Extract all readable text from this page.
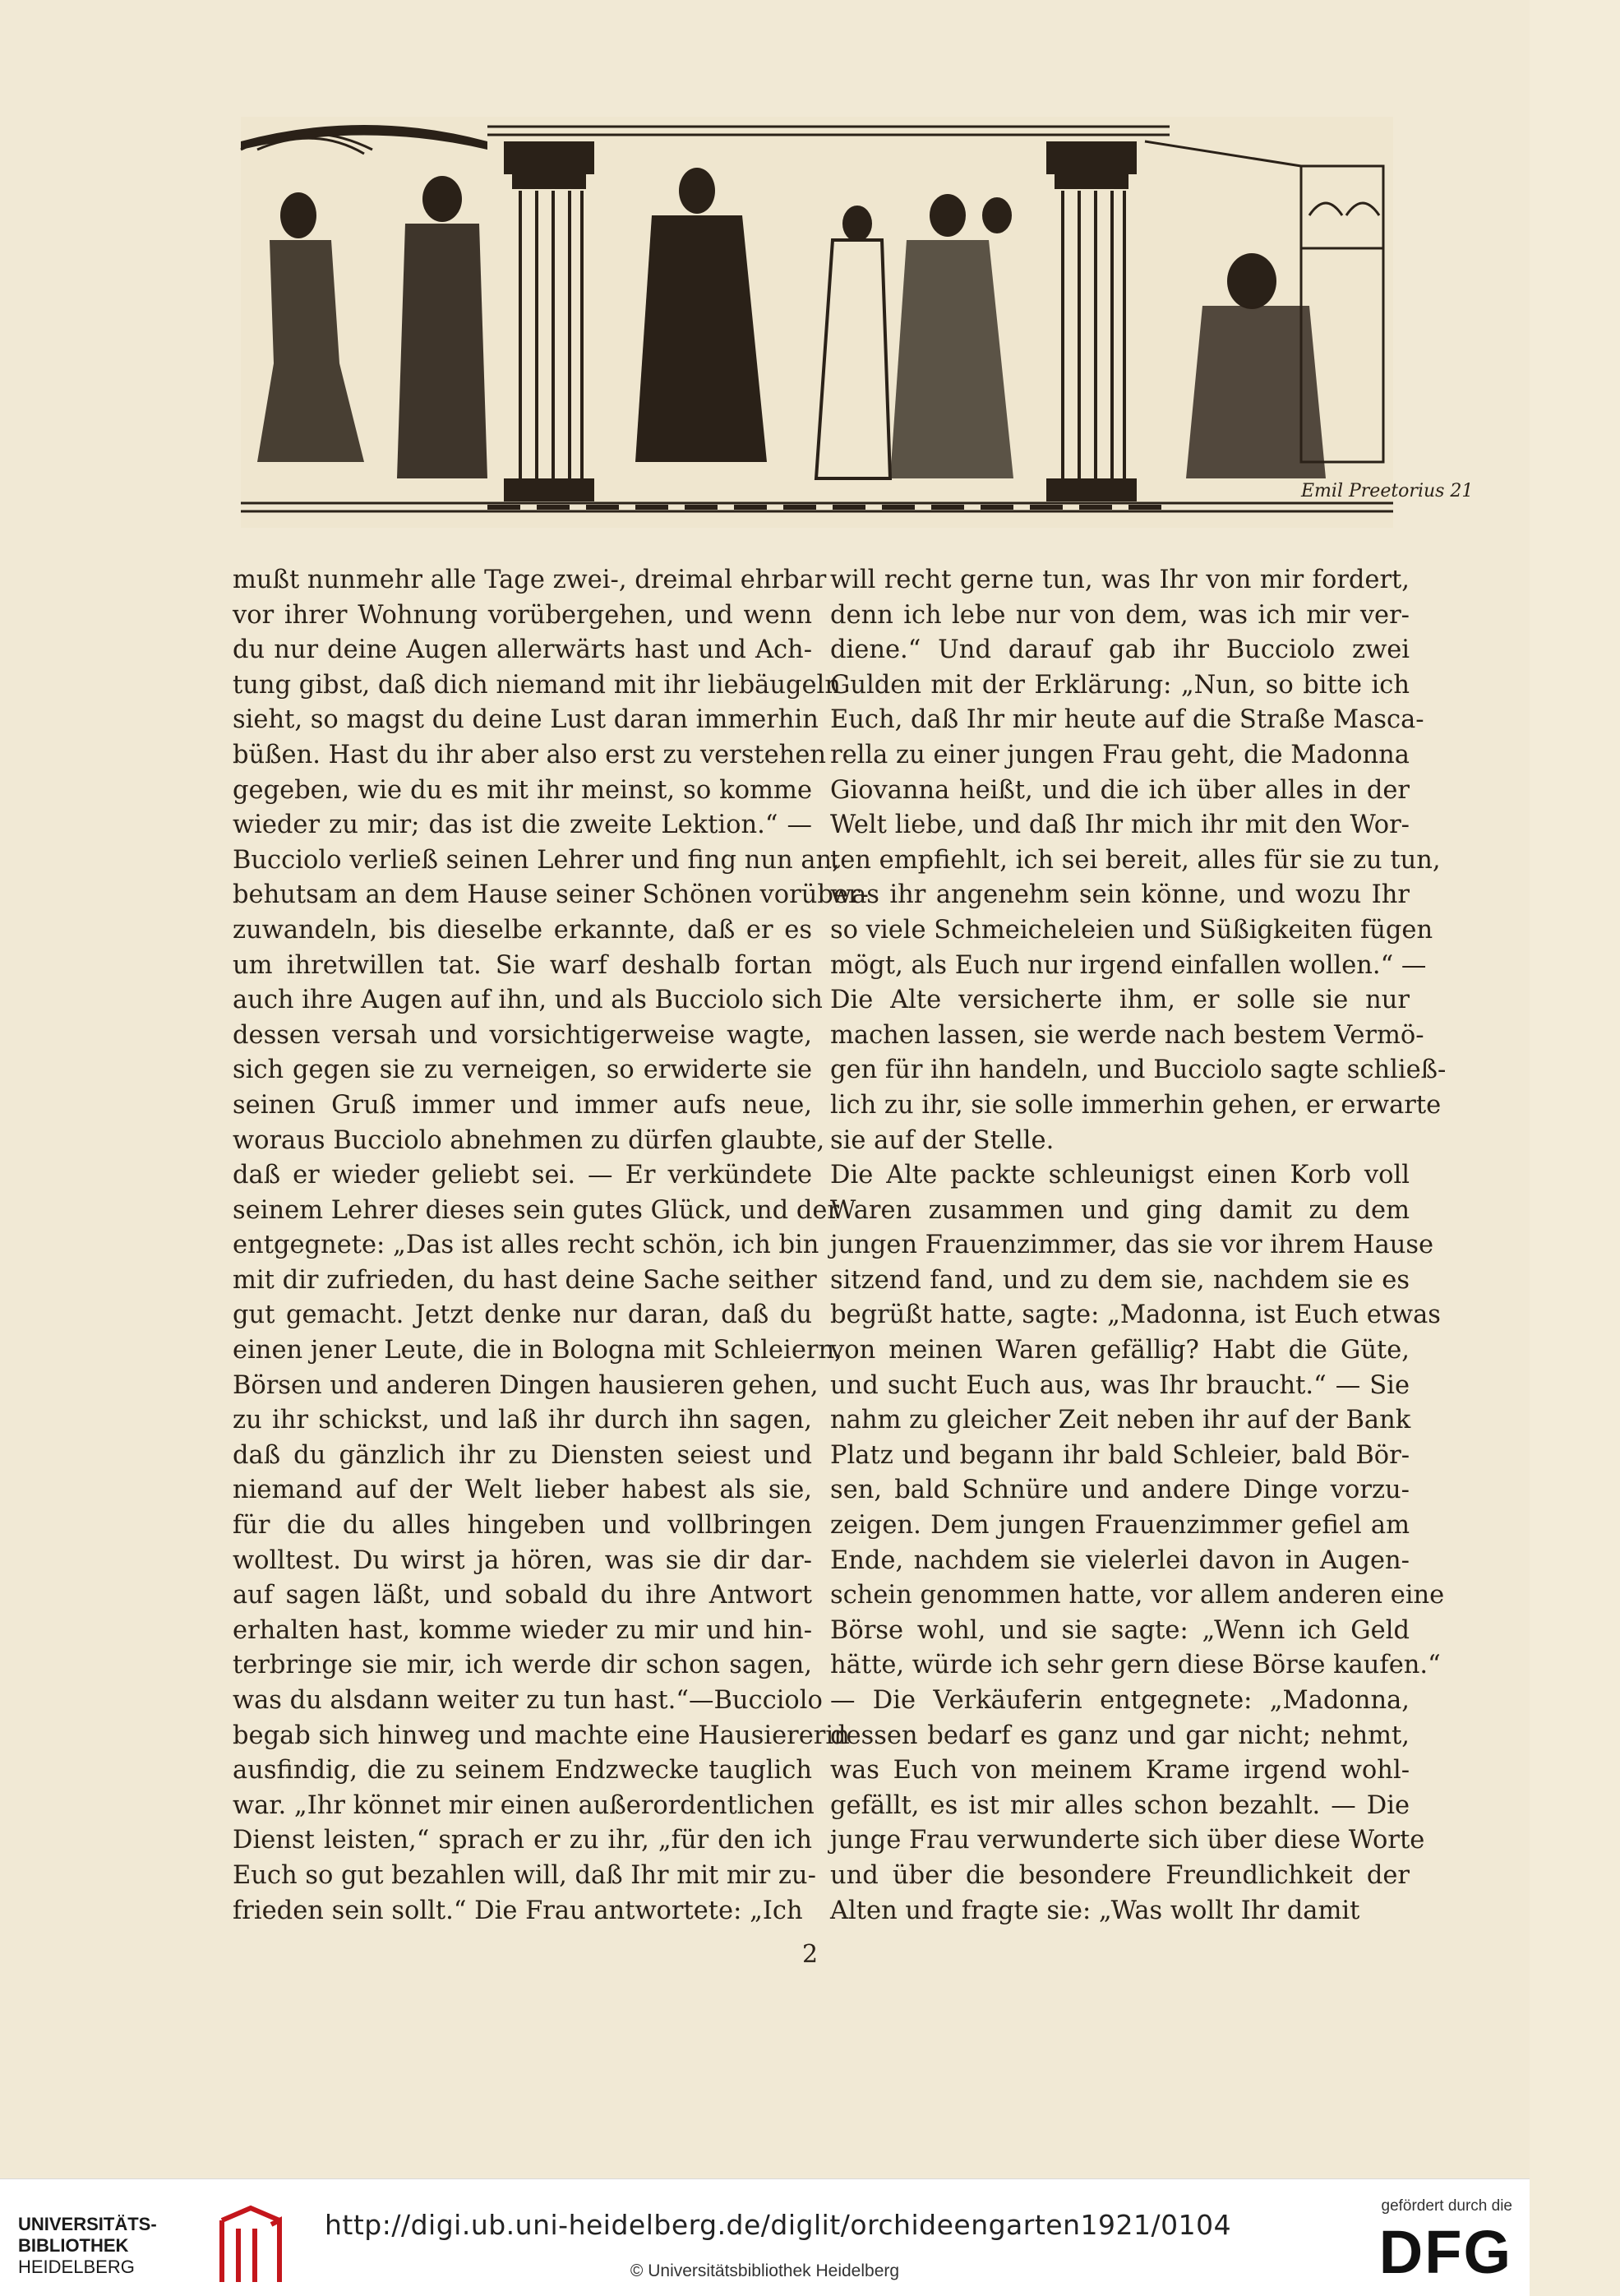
Emil Preetorius 21
mußt nunmehr alle Tage zwei-, dreimal ehrbar
vor ihrer Wohnung vorübergehen, und wenn
du nur deine Augen allerwärts hast und Ach-
tung gibst, daß dich niemand mit ihr liebäugeln
sieht, so magst du deine Lust daran immerhin
büßen. Hast du ihr aber also erst zu verstehen
gegeben, wie du es mit ihr meinst, so komme
wieder zu mir; das ist die zweite Lektion.“ —
Bucciolo verließ seinen Lehrer und fing nun an,
behutsam an dem Hause seiner Schönen vorüber-
zuwandeln, bis dieselbe erkannte, daß er es
um ihretwillen tat. Sie warf deshalb fortan
auch ihre Augen auf ihn, und als Bucciolo sich
dessen versah und vorsichtigerweise wagte,
sich gegen sie zu verneigen, so erwiderte sie
seinen Gruß immer und immer aufs neue,
woraus Bucciolo abnehmen zu dürfen glaubte,
daß er wieder geliebt sei. — Er verkündete
seinem Lehrer dieses sein gutes Glück, und der
entgegnete: „Das ist alles recht schön, ich bin
mit dir zufrieden, du hast deine Sache seither
gut gemacht. Jetzt denke nur daran, daß du
einen jener Leute, die in Bologna mit Schleiern,
Börsen und anderen Dingen hausieren gehen,
zu ihr schickst, und laß ihr durch ihn sagen,
daß du gänzlich ihr zu Diensten seiest und
niemand auf der Welt lieber habest als sie,
für die du alles hingeben und vollbringen
wolltest. Du wirst ja hören, was sie dir dar-
auf sagen läßt, und sobald du ihre Antwort
erhalten hast, komme wieder zu mir und hin-
terbringe sie mir, ich werde dir schon sagen,
was du alsdann weiter zu tun hast.“—Bucciolo
begab sich hinweg und machte eine Hausiererin
ausfindig, die zu seinem Endzwecke tauglich
war. „Ihr könnet mir einen außerordentlichen
Dienst leisten,“ sprach er zu ihr, „für den ich
Euch so gut bezahlen will, daß Ihr mit mir zu-
frieden sein sollt.“ Die Frau antwortete: „Ich
will recht gerne tun, was Ihr von mir fordert,
denn ich lebe nur von dem, was ich mir ver-
diene.“ Und darauf gab ihr Bucciolo zwei
Gulden mit der Erklärung: „Nun, so bitte ich
Euch, daß Ihr mir heute auf die Straße Masca-
rella zu einer jungen Frau geht, die Madonna
Giovanna heißt, und die ich über alles in der
Welt liebe, und daß Ihr mich ihr mit den Wor-
ten empfiehlt, ich sei bereit, alles für sie zu tun,
was ihr angenehm sein könne, und wozu Ihr
so viele Schmeicheleien und Süßigkeiten fügen
mögt, als Euch nur irgend einfallen wollen.“ —
Die Alte versicherte ihm, er solle sie nur
machen lassen, sie werde nach bestem Vermö-
gen für ihn handeln, und Bucciolo sagte schließ-
lich zu ihr, sie solle immerhin gehen, er erwarte
sie auf der Stelle.
Die Alte packte schleunigst einen Korb voll
Waren zusammen und ging damit zu dem
jungen Frauenzimmer, das sie vor ihrem Hause
sitzend fand, und zu dem sie, nachdem sie es
begrüßt hatte, sagte: „Madonna, ist Euch etwas
von meinen Waren gefällig? Habt die Güte,
und sucht Euch aus, was Ihr braucht.“ — Sie
nahm zu gleicher Zeit neben ihr auf der Bank
Platz und begann ihr bald Schleier, bald Bör-
sen, bald Schnüre und andere Dinge vorzu-
zeigen. Dem jungen Frauenzimmer gefiel am
Ende, nachdem sie vielerlei davon in Augen-
schein genommen hatte, vor allem anderen eine
Börse wohl, und sie sagte: „Wenn ich Geld
hätte, würde ich sehr gern diese Börse kaufen.“
— Die Verkäuferin entgegnete: „Madonna,
dessen bedarf es ganz und gar nicht; nehmt,
was Euch von meinem Krame irgend wohl-
gefällt, es ist mir alles schon bezahlt. — Die
junge Frau verwunderte sich über diese Worte
und über die besondere Freundlichkeit der
Alten und fragte sie: „Was wollt Ihr damit
2
UNIVERSITÄTS-
BIBLIOTHEK
HEIDELBERG
http://digi.ub.uni-heidelberg.de/diglit/orchideengarten1921/0104
© Universitätsbibliothek Heidelberg
gefördert durch die
DFG
